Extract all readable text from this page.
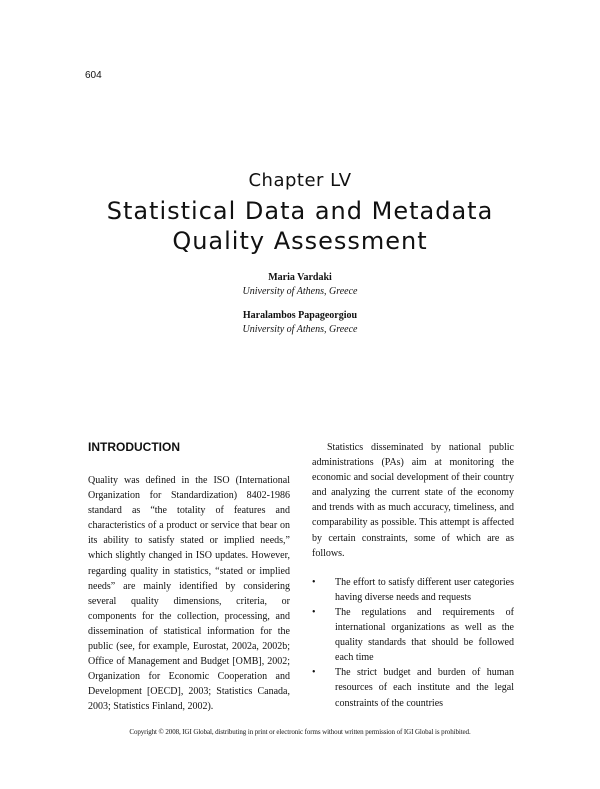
604
Chapter LV
Statistical Data and Metadata
Quality Assessment
Maria Vardaki
University of Athens, Greece
Haralambos Papageorgiou
University of Athens, Greece
INTRODUCTION

Quality was defined in the ISO (International Organization for Standardization) 8402-1986 standard as “the totality of features and characteristics of a product or service that bear on its ability to satisfy stated or implied needs,” which slightly changed in ISO updates. However, regarding quality in statistics, “stated or implied needs” are mainly identified by considering several quality dimensions, criteria, or components for the collection, processing, and dissemination of statistical information for the public (see, for example, Eurostat, 2002a, 2002b; Office of Management and Budget [OMB], 2002; Organization for Economic Cooperation and Development [OECD], 2003; Statistics Canada, 2003; Statistics Finland, 2002).

Statistics disseminated by national public administrations (PAs) aim at monitoring the economic and social development of their country and analyzing the current state of the economy and trends with as much accuracy, timeliness, and comparability as possible. This attempt is affected by certain constraints, some of which are as follows.

• The effort to satisfy different user categories having diverse needs and requests
• The regulations and requirements of international organizations as well as the quality standards that should be followed each time
• The strict budget and burden of human resources of each institute and the legal constraints of the countries
Copyright © 2008, IGI Global, distributing in print or electronic forms without written permission of IGI Global is prohibited.
